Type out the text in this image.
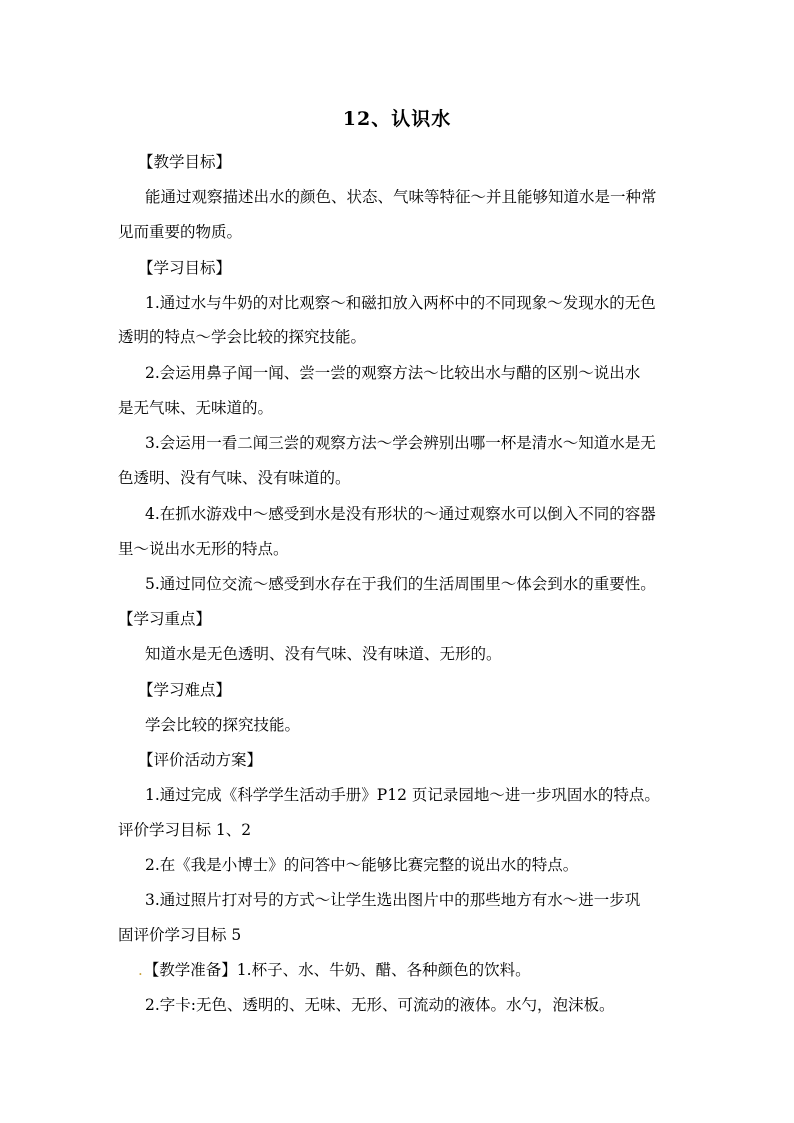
12、认识水
【教学目标】
能通过观察描述出水的颜色、状态、气味等特征～并且能够知道水是一种常
见而重要的物质。
【学习目标】
1.通过水与牛奶的对比观察～和磁扣放入两杯中的不同现象～发现水的无色
透明的特点～学会比较的探究技能。
2.会运用鼻子闻一闻、尝一尝的观察方法～比较出水与醋的区别～说出水
是无气味、无味道的。
3.会运用一看二闻三尝的观察方法～学会辨别出哪一杯是清水～知道水是无
色透明、没有气味、没有味道的。
4.在抓水游戏中～感受到水是没有形状的～通过观察水可以倒入不同的容器
里～说出水无形的特点。
5.通过同位交流～感受到水存在于我们的生活周围里～体会到水的重要性。
【学习重点】
知道水是无色透明、没有气味、没有味道、无形的。
【学习难点】
学会比较的探究技能。
【评价活动方案】
1.通过完成《科学学生活动手册》P12 页记录园地～进一步巩固水的特点。
评价学习目标 1、2
2.在《我是小博士》的问答中～能够比赛完整的说出水的特点。
3.通过照片打对号的方式～让学生选出图片中的那些地方有水～进一步巩
固评价学习目标 5
.【教学准备】1.杯子、水、牛奶、醋、各种颜色的饮料。
2.字卡:无色、透明的、无味、无形、可流动的液体。水勺，泡沫板。
